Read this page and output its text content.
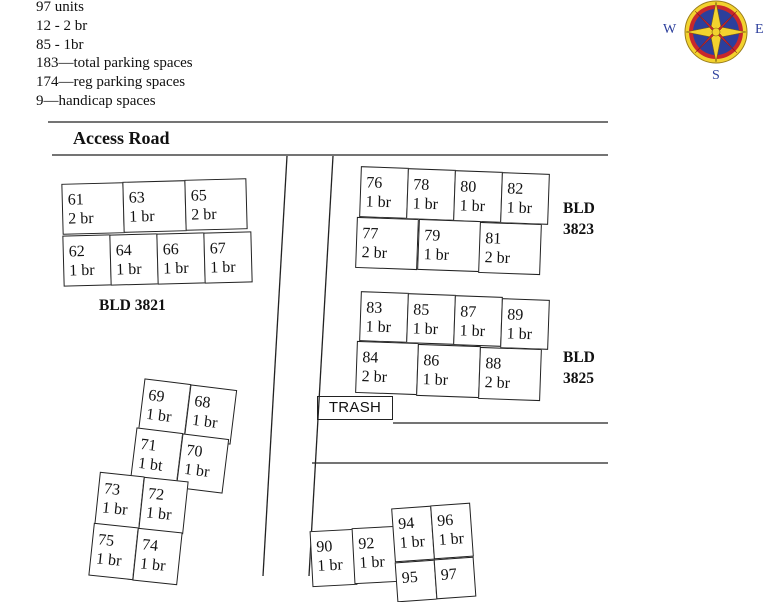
97 units
12 - 2 br
85 - 1br
183—total parking spaces
174—reg parking spaces
9—handicap spaces
Access Road
W	E
S
BLD 3821
BLD
3823
BLD
3825
TRASH
61
2 br
63
1 br
65
2 br
62
1 br
64
1 br
66
1 br
67
1 br
76
1 br
78
1 br
80
1 br
82
1 br
77
2 br
79
1 br
81
2 br
83
1 br
85
1 br
87
1 br
89
1 br
84
2 br
86
1 br
88
2 br
69
1 br
68
1 br
71
1 bt
70
1 br
73
1 br
72
1 br
75
1 br
74
1 br
90
1 br
92
1 br
94
1 br
96
1 br
95 97
